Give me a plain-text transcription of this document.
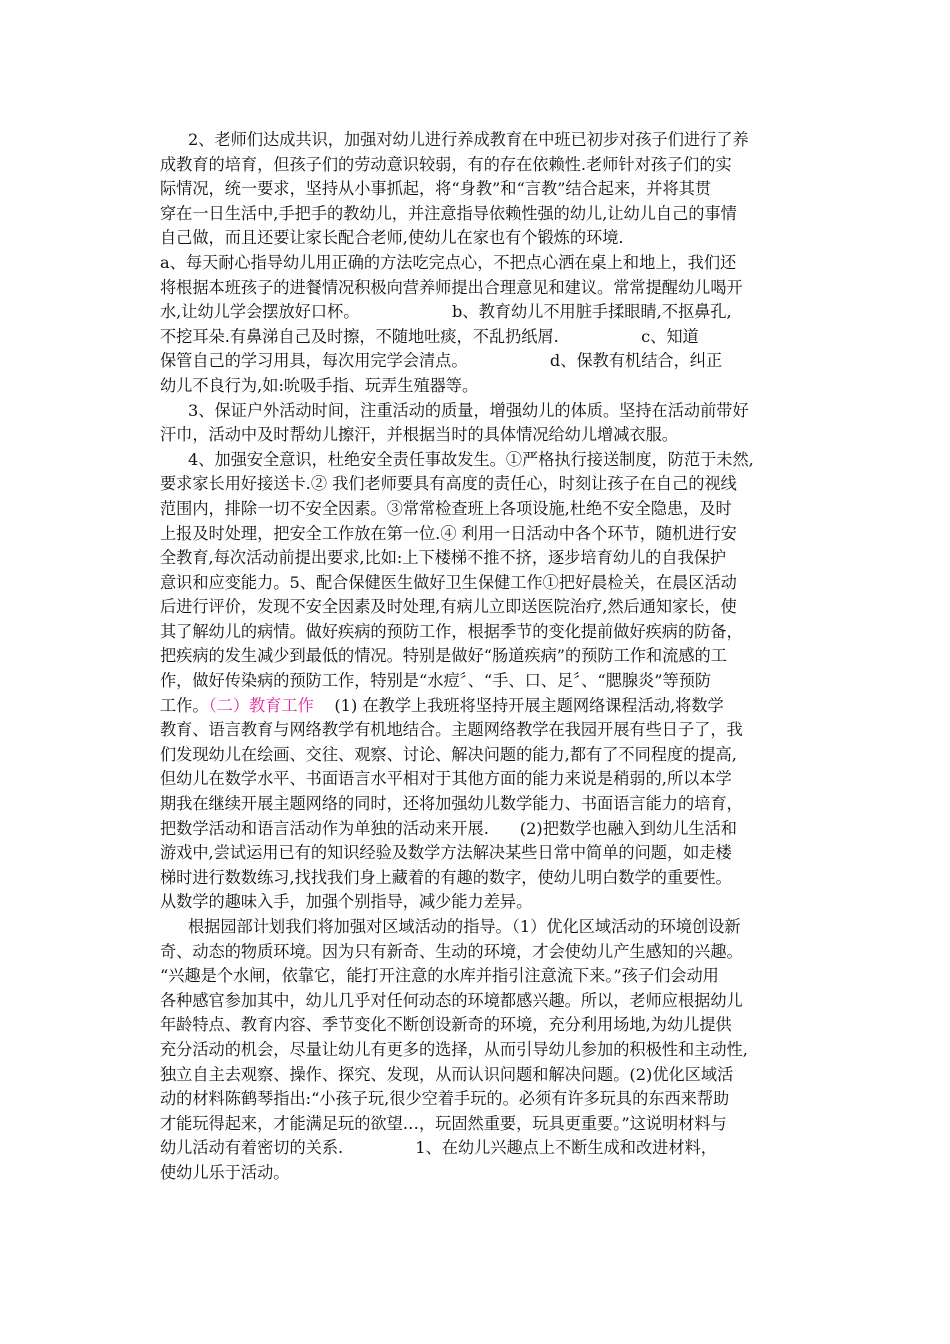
2、老师们达成共识，加强对幼儿进行养成教育在中班已初步对孩子们进行了养
成教育的培育，但孩子们的劳动意识较弱，有的存在依赖性.老师针对孩子们的实
际情况，统一要求，坚持从小事抓起，将“身教”和“言教”结合起来，并将其贯
穿在一日生活中,手把手的教幼儿，并注意指导依赖性强的幼儿,让幼儿自己的事情
自己做，而且还要让家长配合老师,使幼儿在家也有个锻炼的环境.
a、每天耐心指导幼儿用正确的方法吃完点心，不把点心洒在桌上和地上，我们还
将根据本班孩子的进餐情况积极向营养师提出合理意见和建议。常常提醒幼儿喝开
水,让幼儿学会摆放好口杯。                  b、教育幼儿不用脏手揉眼睛,不抠鼻孔,
不挖耳朵.有鼻涕自己及时擦，不随地吐痰，不乱扔纸屑.                c、知道
保管自己的学习用具，每次用完学会清点。                d、保教有机结合，纠正
幼儿不良行为,如:吮吸手指、玩弄生殖器等。
3、保证户外活动时间，注重活动的质量，增强幼儿的体质。坚持在活动前带好
汗巾，活动中及时帮幼儿擦汗，并根据当时的具体情况给幼儿增减衣服。
4、加强安全意识，杜绝安全责任事故发生。①严格执行接送制度，防范于未然,
要求家长用好接送卡.② 我们老师要具有高度的责任心，时刻让孩子在自己的视线
范围内，排除一切不安全因素。③常常检查班上各项设施,杜绝不安全隐患，及时
上报及时处理，把安全工作放在第一位.④ 利用一日活动中各个环节，随机进行安
全教育,每次活动前提出要求,比如:上下楼梯不推不挤，逐步培育幼儿的自我保护
意识和应变能力。5、配合保健医生做好卫生保健工作①把好晨检关，在晨区活动
后进行评价，发现不安全因素及时处理,有病儿立即送医院治疗,然后通知家长，使
其了解幼儿的病情。做好疾病的预防工作，根据季节的变化提前做好疾病的防备，
把疾病的发生减少到最低的情况。特别是做好“肠道疾病”的预防工作和流感的工
作，做好传染病的预防工作，特别是“水痘〞、“手、口、足〞、“腮腺炎”等预防
工作。（二）教育工作    (1) 在教学上我班将坚持开展主题网络课程活动,将数学
教育、语言教育与网络教学有机地结合。主题网络教学在我园开展有些日子了，我
们发现幼儿在绘画、交往、观察、讨论、解决问题的能力,都有了不同程度的提高,
但幼儿在数学水平、书面语言水平相对于其他方面的能力来说是稍弱的,所以本学
期我在继续开展主题网络的同时，还将加强幼儿数学能力、书面语言能力的培育，
把数学活动和语言活动作为单独的活动来开展.      (2)把数学也融入到幼儿生活和
游戏中,尝试运用已有的知识经验及数学方法解决某些日常中简单的问题，如走楼
梯时进行数数练习,找找我们身上藏着的有趣的数字，使幼儿明白数学的重要性。
从数学的趣味入手，加强个别指导，减少能力差异。
根据园部计划我们将加强对区域活动的指导。（1）优化区域活动的环境创设新
奇、动态的物质环境。因为只有新奇、生动的环境，才会使幼儿产生感知的兴趣。
“兴趣是个水闸，依靠它，能打开注意的水库并指引注意流下来。”孩子们会动用
各种感官参加其中，幼儿几乎对任何动态的环境都感兴趣。所以，老师应根据幼儿
年龄特点、教育内容、季节变化不断创设新奇的环境，充分利用场地,为幼儿提供
充分活动的机会，尽量让幼儿有更多的选择，从而引导幼儿参加的积极性和主动性,
独立自主去观察、操作、探究、发现，从而认识问题和解决问题。(2)优化区域活
动的材料陈鹤琴指出:“小孩子玩,很少空着手玩的。必须有许多玩具的东西来帮助
才能玩得起来，才能满足玩的欲望…，玩固然重要，玩具更重要。”这说明材料与
幼儿活动有着密切的关系.              1、在幼儿兴趣点上不断生成和改进材料，
使幼儿乐于活动。
